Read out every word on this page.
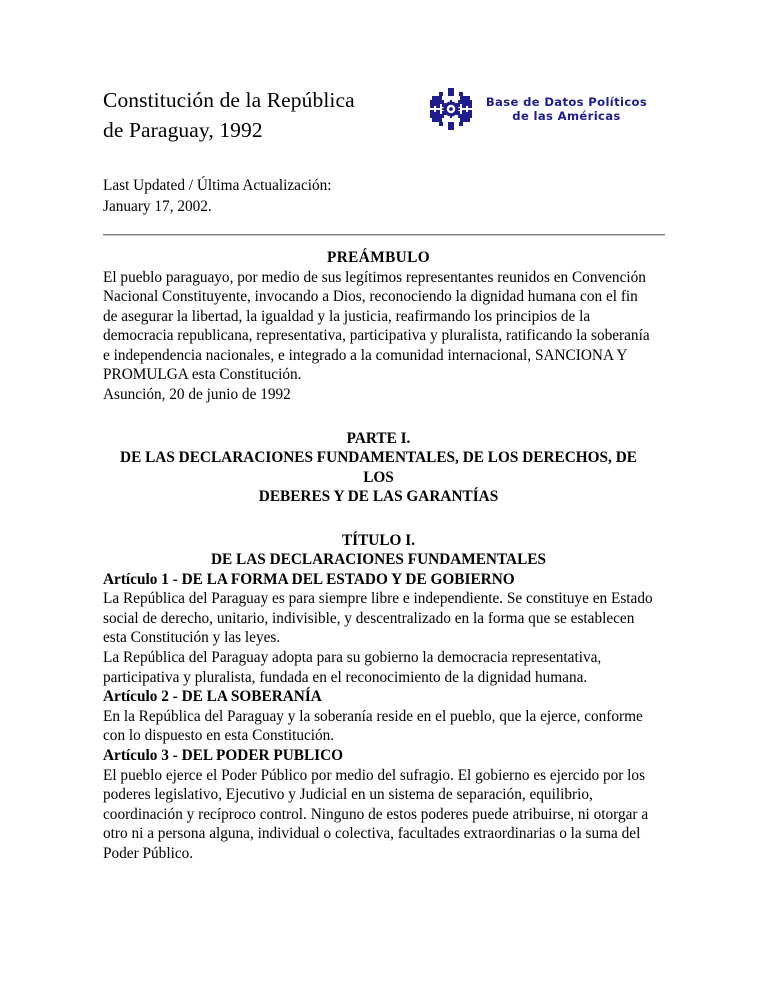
Constitución de la República
de Paraguay, 1992
Base de Datos Políticos
de las Américas
Last Updated / Última Actualización:
January 17, 2002.
PREÁMBULO

El pueblo paraguayo, por medio de sus legítimos representantes reunidos en Convención Nacional Constituyente, invocando a Dios, reconociendo la dignidad humana con el fin de asegurar la libertad, la igualdad y la justicia, reafirmando los principios de la democracia republicana, representativa, participativa y pluralista, ratificando la soberanía e independencia nacionales, e integrado a la comunidad internacional, SANCIONA Y PROMULGA esta Constitución.

Asunción, 20 de junio de 1992

PARTE I.
DE LAS DECLARACIONES FUNDAMENTALES, DE LOS DERECHOS, DE LOS
DEBERES Y DE LAS GARANTÍAS
TÍTULO I.
DE LAS DECLARACIONES FUNDAMENTALES

Artículo 1 - DE LA FORMA DEL ESTADO Y DE GOBIERNO

La República del Paraguay es para siempre libre e independiente. Se constituye en Estado social de derecho, unitario, indivisible, y descentralizado en la forma que se establecen esta Constitución y las leyes.

La República del Paraguay adopta para su gobierno la democracia representativa, participativa y pluralista, fundada en el reconocimiento de la dignidad humana.

Artículo 2 - DE LA SOBERANÍA

En la República del Paraguay y la soberanía reside en el pueblo, que la ejerce, conforme con lo dispuesto en esta Constitución.

Artículo 3 - DEL PODER PUBLICO

El pueblo ejerce el Poder Público por medio del sufragio. El gobierno es ejercido por los poderes legislativo, Ejecutivo y Judicial en un sistema de separación, equilibrio, coordinación y recíproco control. Ninguno de estos poderes puede atribuirse, ni otorgar a otro ni a persona alguna, individual o colectiva, facultades extraordinarias o la suma del Poder Público.
